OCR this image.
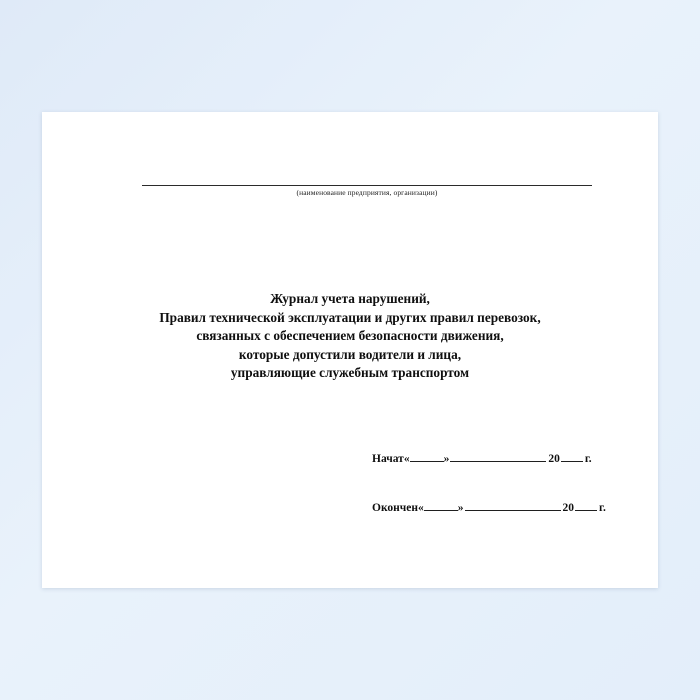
(наименование предприятия, организации)
Журнал учета нарушений,
Правил технической эксплуатации и других правил перевозок,
связанных с обеспечением безопасности движения,
которые допустили водители и лица,
управляющие служебным транспортом
Начат «	»	20 г.
Окончен «	»	20 г.
